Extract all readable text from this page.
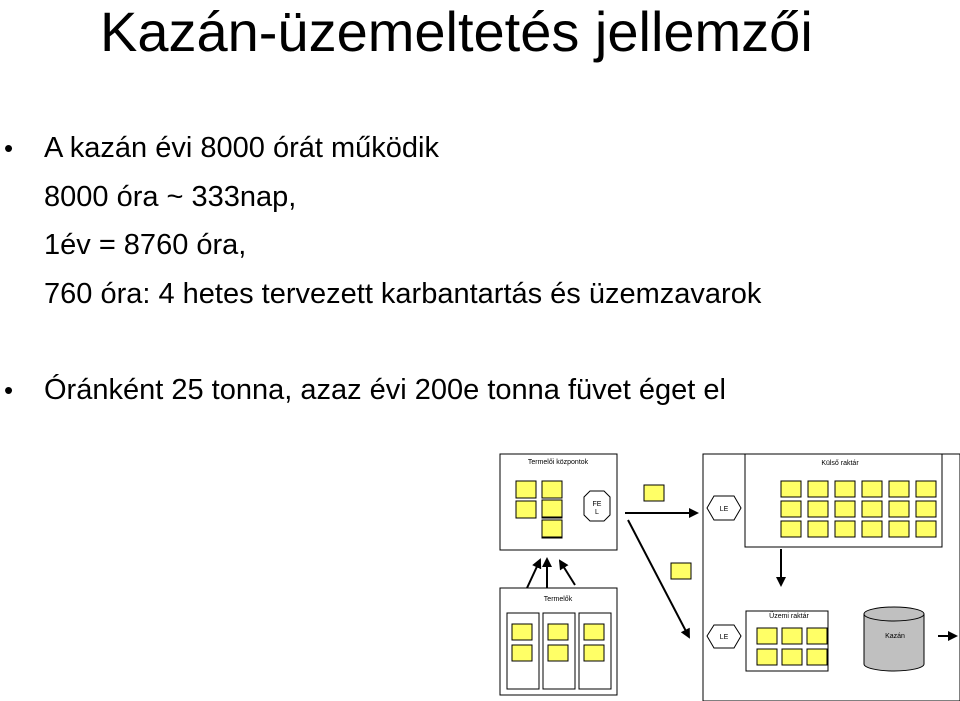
Kazán-üzemeltetés jellemzői
• A kazán évi 8000 órát működik
8000 óra ~ 333nap,
1év = 8760 óra,
760 óra: 4 hetes tervezett karbantartás és üzemzavarok
• Óránként 25 tonna, azaz évi 200e tonna füvet éget el
Termelői központok
FE
L
Külső raktár
LE
Termelők
Üzemi raktár
LE	Kazán
